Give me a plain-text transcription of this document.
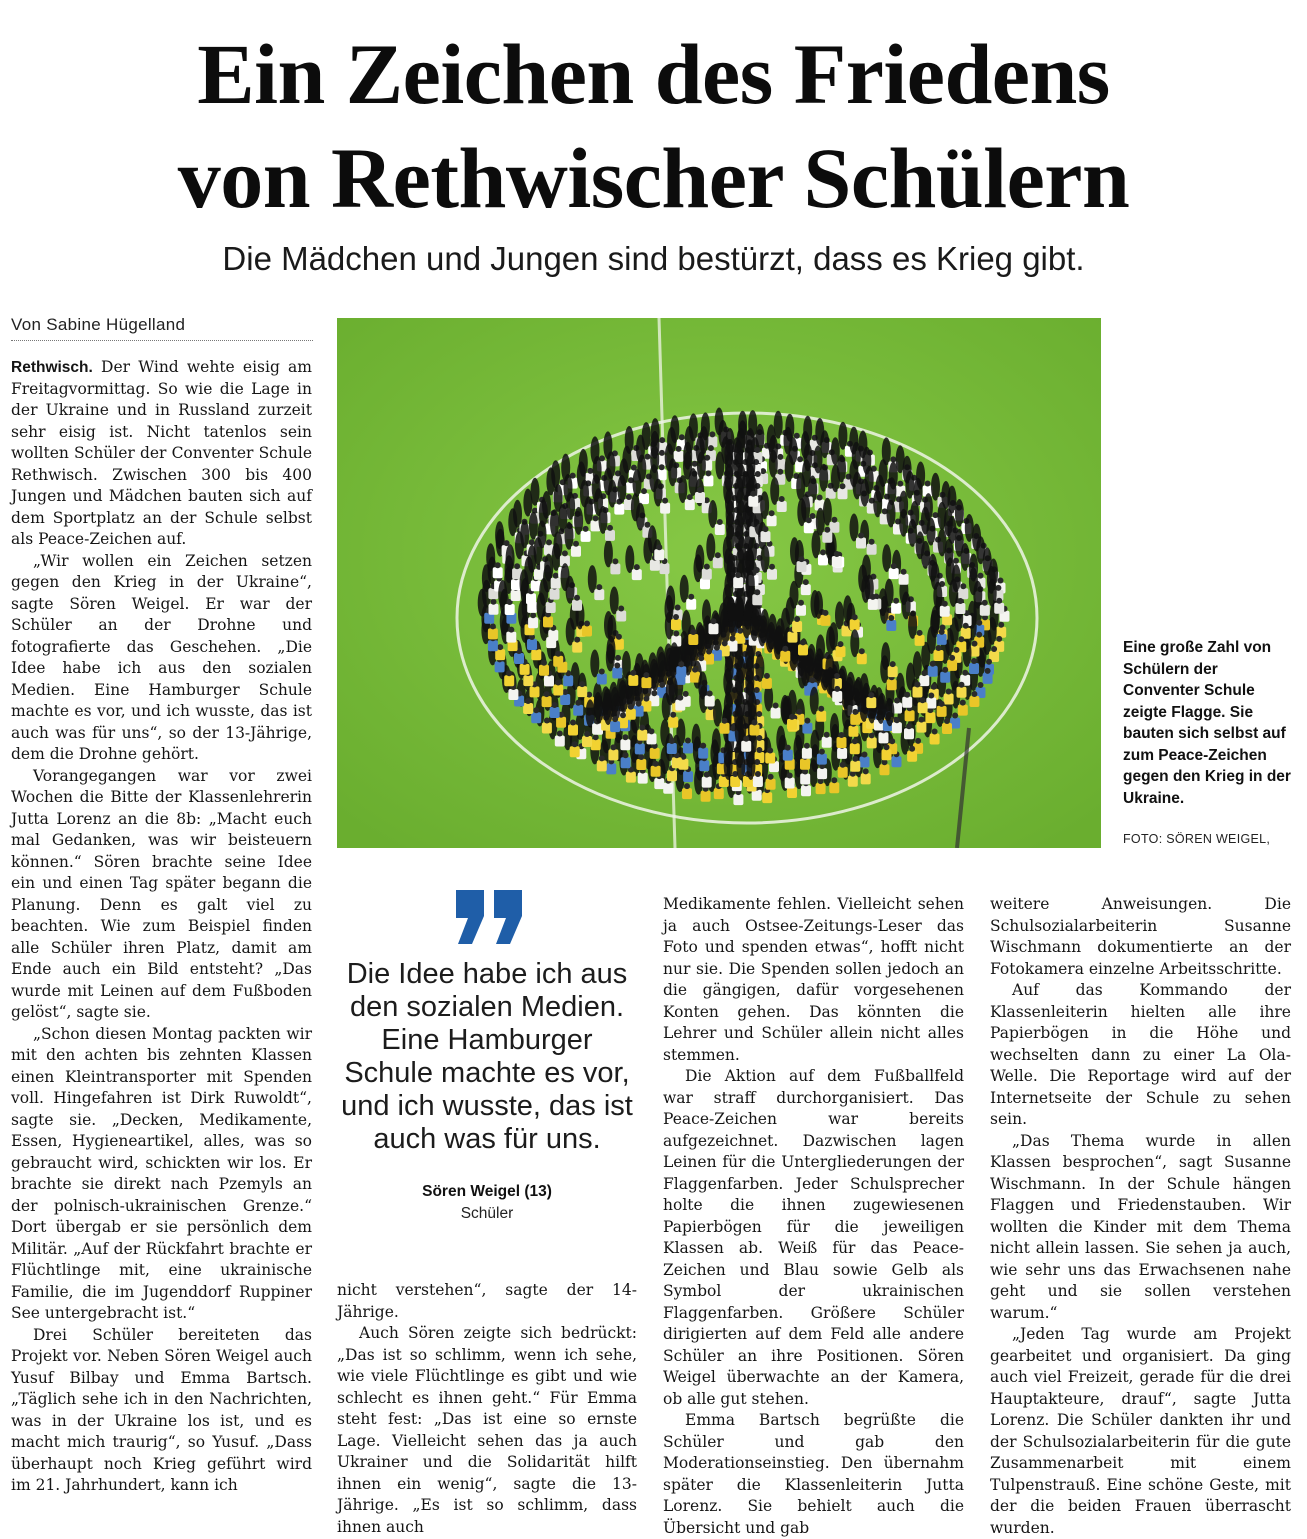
Ein Zeichen des Friedens
von Rethwischer Schülern
Die Mädchen und Jungen sind bestürzt, dass es Krieg gibt.
Von Sabine Hügelland

Rethwisch. Der Wind wehte eisig am Freitagvormittag. So wie die Lage in der Ukraine und in Russland zurzeit sehr eisig ist. Nicht tatenlos sein wollten Schüler der Conventer Schule Rethwisch. Zwischen 300 bis 400 Jungen und Mädchen bauten sich auf dem Sportplatz an der Schule selbst als Peace-Zeichen auf.

„Wir wollen ein Zeichen setzen gegen den Krieg in der Ukraine“, sagte Sören Weigel. Er war der Schüler an der Drohne und fotografierte das Geschehen. „Die Idee habe ich aus den sozialen Medien. Eine Hamburger Schule machte es vor, und ich wusste, das ist auch was für uns“, so der 13-Jährige, dem die Drohne gehört.

Vorangegangen war vor zwei Wochen die Bitte der Klassenlehrerin Jutta Lorenz an die 8b: „Macht euch mal Gedanken, was wir beisteuern können.“ Sören brachte seine Idee ein und einen Tag später begann die Planung. Denn es galt viel zu beachten. Wie zum Beispiel finden alle Schüler ihren Platz, damit am Ende auch ein Bild entsteht? „Das wurde mit Leinen auf dem Fußboden gelöst“, sagte sie.

„Schon diesen Montag packten wir mit den achten bis zehnten Klassen einen Kleintransporter mit Spenden voll. Hingefahren ist Dirk Ruwoldt“, sagte sie. „Decken, Medikamente, Essen, Hygieneartikel, alles, was so gebraucht wird, schickten wir los. Er brachte sie direkt nach Pzemyls an der polnisch-ukrainischen Grenze.“ Dort übergab er sie persönlich dem Militär. „Auf der Rückfahrt brachte er Flüchtlinge mit, eine ukrainische Familie, die im Jugenddorf Ruppiner See untergebracht ist.“

Drei Schüler bereiteten das Projekt vor. Neben Sören Weigel auch Yusuf Bilbay und Emma Bartsch. „Täglich sehe ich in den Nachrichten, was in der Ukraine los ist, und es macht mich traurig“, so Yusuf. „Dass überhaupt noch Krieg geführt wird im 21. Jahrhundert, kann ich

Eine große Zahl von Schülern der Conventer Schule zeigte Flagge. Sie bauten sich selbst auf zum Peace-Zeichen gegen den Krieg in der Ukraine.

FOTO: SÖREN WEIGEL,

Die Idee habe ich aus den sozialen Medien. Eine Hamburger Schule machte es vor, und ich wusste, das ist auch was für uns.

Sören Weigel (13)

Schüler

nicht verstehen“, sagte der 14-Jährige.

Auch Sören zeigte sich bedrückt: „Das ist so schlimm, wenn ich sehe, wie viele Flüchtlinge es gibt und wie schlecht es ihnen geht.“ Für Emma steht fest: „Das ist eine so ernste Lage. Vielleicht sehen das ja auch Ukrainer und die Solidarität hilft ihnen ein wenig“, sagte die 13-Jährige. „Es ist so schlimm, dass ihnen auch

Medikamente fehlen. Vielleicht sehen ja auch Ostsee-Zeitungs-Leser das Foto und spenden etwas“, hofft nicht nur sie. Die Spenden sollen jedoch an die gängigen, dafür vorgesehenen Konten gehen. Das könnten die Lehrer und Schüler allein nicht alles stemmen.

Die Aktion auf dem Fußballfeld war straff durchorganisiert. Das Peace-Zeichen war bereits aufgezeichnet. Dazwischen lagen Leinen für die Untergliederungen der Flaggenfarben. Jeder Schulsprecher holte die ihnen zugewiesenen Papierbögen für die jeweiligen Klassen ab. Weiß für das Peace-Zeichen und Blau sowie Gelb als Symbol der ukrainischen Flaggenfarben. Größere Schüler dirigierten auf dem Feld alle andere Schüler an ihre Positionen. Sören Weigel überwachte an der Kamera, ob alle gut stehen.

Emma Bartsch begrüßte die Schüler und gab den Moderationseinstieg. Den übernahm später die Klassenleiterin Jutta Lorenz. Sie behielt auch die Übersicht und gab

weitere Anweisungen. Die Schulsozialarbeiterin Susanne Wischmann dokumentierte an der Fotokamera einzelne Arbeitsschritte.

Auf das Kommando der Klassenleiterin hielten alle ihre Papierbögen in die Höhe und wechselten dann zu einer La Ola-Welle. Die Reportage wird auf der Internetseite der Schule zu sehen sein.

„Das Thema wurde in allen Klassen besprochen“, sagt Susanne Wischmann. In der Schule hängen Flaggen und Friedenstauben. Wir wollten die Kinder mit dem Thema nicht allein lassen. Sie sehen ja auch, wie sehr uns das Erwachsenen nahe geht und sie sollen verstehen warum.“

„Jeden Tag wurde am Projekt gearbeitet und organisiert. Da ging auch viel Freizeit, gerade für die drei Hauptakteure, drauf“, sagte Jutta Lorenz. Die Schüler dankten ihr und der Schulsozialarbeiterin für die gute Zusammenarbeit mit einem Tulpenstrauß. Eine schöne Geste, mit der die beiden Frauen überrascht wurden.
